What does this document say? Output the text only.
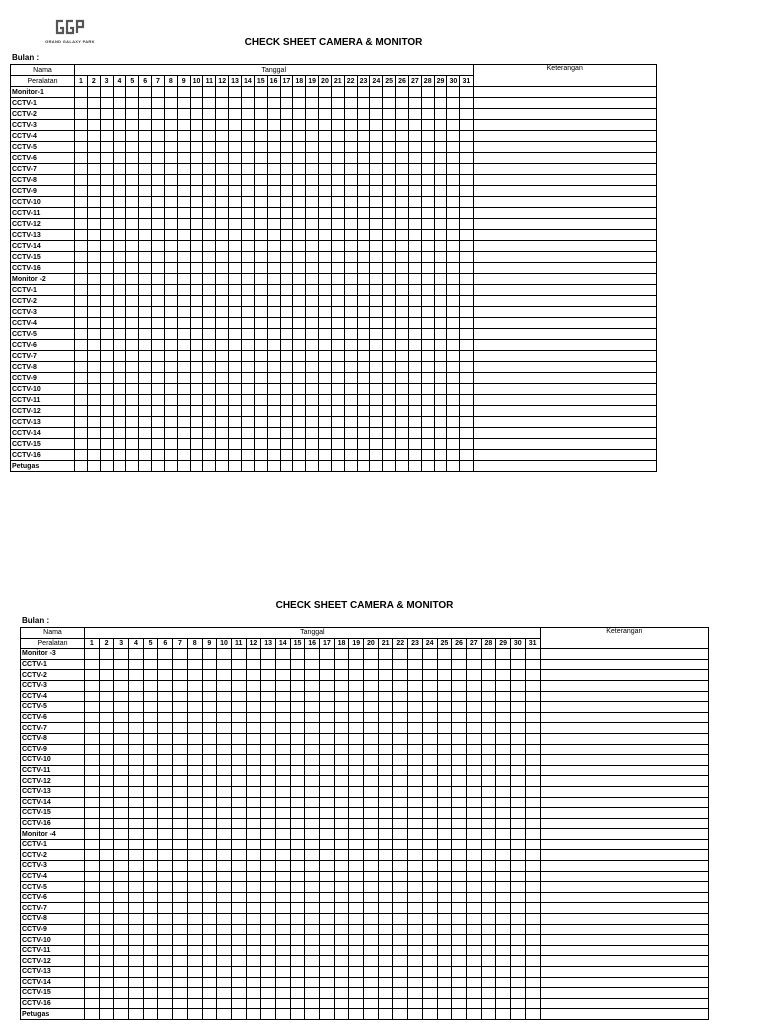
GRAND GALAXY PARK	CHECK SHEET CAMERA & MONITOR
Bulan :
Nama	Tanggal																															Keterangan
Peralatan	1	2	3	4	5	6	7	8	9	10	11	12	13	14	15	16	17	18	19	20	21	22	23	24	25	26	27	28	29	30	31	
Monitor-1																																
CCTV-1																																
CCTV-2																																
CCTV-3																																
CCTV-4																																
CCTV-5																																
CCTV-6																																
CCTV-7																																
CCTV-8																																
CCTV-9																																
CCTV-10																																
CCTV-11																																
CCTV-12																																
CCTV-13																																
CCTV-14																																
CCTV-15																																
CCTV-16																																
Monitor -2																																
CCTV-1																																
CCTV-2																																
CCTV-3																																
CCTV-4																																
CCTV-5																																
CCTV-6																																
CCTV-7																																
CCTV-8																																
CCTV-9																																
CCTV-10																																
CCTV-11																																
CCTV-12																																
CCTV-13																																
CCTV-14																																
CCTV-15																																
CCTV-16																																
Petugas																																
CHECK SHEET CAMERA & MONITOR
Bulan :
Nama	Tanggal																															Keterangan
Peralatan	1	2	3	4	5	6	7	8	9	10	11	12	13	14	15	16	17	18	19	20	21	22	23	24	25	26	27	28	29	30	31	
Monitor -3																																
CCTV-1																																
CCTV-2																																
CCTV-3																																
CCTV-4																																
CCTV-5																																
CCTV-6																																
CCTV-7																																
CCTV-8																																
CCTV-9																																
CCTV-10																																
CCTV-11																																
CCTV-12																																
CCTV-13																																
CCTV-14																																
CCTV-15																																
CCTV-16																																
Monitor -4																																
CCTV-1																																
CCTV-2																																
CCTV-3																																
CCTV-4																																
CCTV-5																																
CCTV-6																																
CCTV-7																																
CCTV-8																																
CCTV-9																																
CCTV-10																																
CCTV-11																																
CCTV-12																																
CCTV-13																																
CCTV-14																																
CCTV-15																																
CCTV-16																																
Petugas																																
